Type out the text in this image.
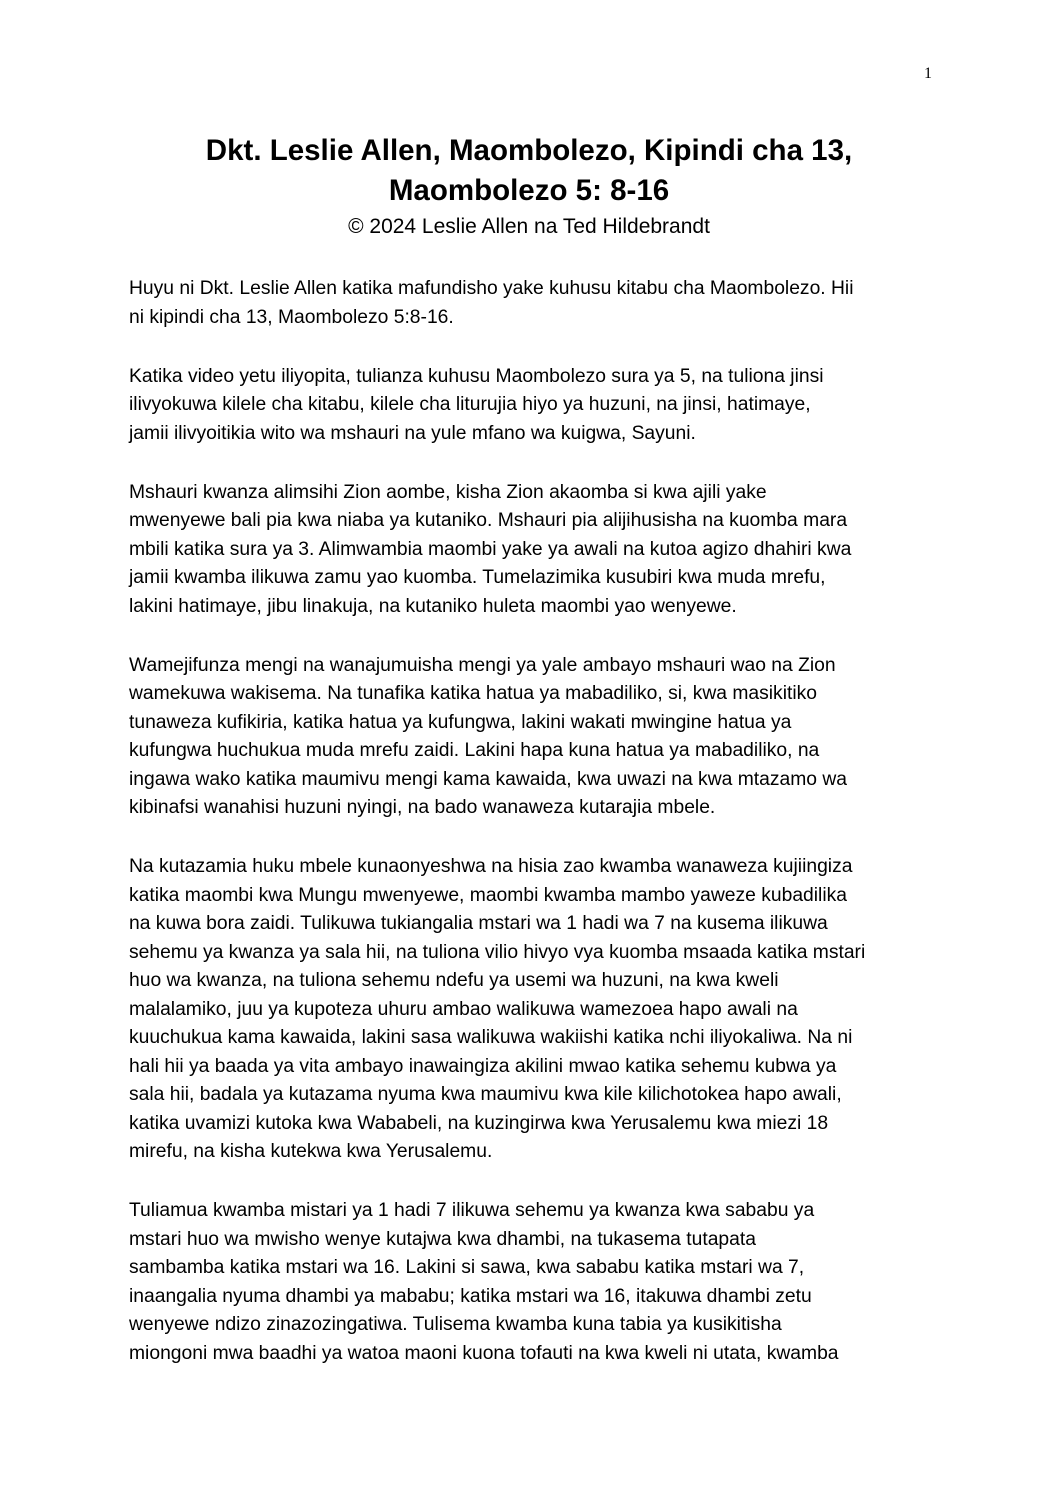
1

Dkt. Leslie Allen, Maombolezo, Kipindi cha 13,
Maombolezo 5: 8-16

© 2024 Leslie Allen na Ted Hildebrandt

Huyu ni Dkt. Leslie Allen katika mafundisho yake kuhusu kitabu cha Maombolezo. Hii
ni kipindi cha 13, Maombolezo 5:8-16.

Katika video yetu iliyopita, tulianza kuhusu Maombolezo sura ya 5, na tuliona jinsi
ilivyokuwa kilele cha kitabu, kilele cha liturujia hiyo ya huzuni, na jinsi, hatimaye,
jamii ilivyoitikia wito wa mshauri na yule mfano wa kuigwa, Sayuni.

Mshauri kwanza alimsihi Zion aombe, kisha Zion akaomba si kwa ajili yake
mwenyewe bali pia kwa niaba ya kutaniko. Mshauri pia alijihusisha na kuomba mara
mbili katika sura ya 3. Alimwambia maombi yake ya awali na kutoa agizo dhahiri kwa
jamii kwamba ilikuwa zamu yao kuomba. Tumelazimika kusubiri kwa muda mrefu,
lakini hatimaye, jibu linakuja, na kutaniko huleta maombi yao wenyewe.

Wamejifunza mengi na wanajumuisha mengi ya yale ambayo mshauri wao na Zion
wamekuwa wakisema. Na tunafika katika hatua ya mabadiliko, si, kwa masikitiko
tunaweza kufikiria, katika hatua ya kufungwa, lakini wakati mwingine hatua ya
kufungwa huchukua muda mrefu zaidi. Lakini hapa kuna hatua ya mabadiliko, na
ingawa wako katika maumivu mengi kama kawaida, kwa uwazi na kwa mtazamo wa
kibinafsi wanahisi huzuni nyingi, na bado wanaweza kutarajia mbele.

Na kutazamia huku mbele kunaonyeshwa na hisia zao kwamba wanaweza kujiingiza
katika maombi kwa Mungu mwenyewe, maombi kwamba mambo yaweze kubadilika
na kuwa bora zaidi. Tulikuwa tukiangalia mstari wa 1 hadi wa 7 na kusema ilikuwa
sehemu ya kwanza ya sala hii, na tuliona vilio hivyo vya kuomba msaada katika mstari
huo wa kwanza, na tuliona sehemu ndefu ya usemi wa huzuni, na kwa kweli
malalamiko, juu ya kupoteza uhuru ambao walikuwa wamezoea hapo awali na
kuuchukua kama kawaida, lakini sasa walikuwa wakiishi katika nchi iliyokaliwa. Na ni
hali hii ya baada ya vita ambayo inawaingiza akilini mwao katika sehemu kubwa ya
sala hii, badala ya kutazama nyuma kwa maumivu kwa kile kilichotokea hapo awali,
katika uvamizi kutoka kwa Wababeli, na kuzingirwa kwa Yerusalemu kwa miezi 18
mirefu, na kisha kutekwa kwa Yerusalemu.

Tuliamua kwamba mistari ya 1 hadi 7 ilikuwa sehemu ya kwanza kwa sababu ya
mstari huo wa mwisho wenye kutajwa kwa dhambi, na tukasema tutapata
sambamba katika mstari wa 16. Lakini si sawa, kwa sababu katika mstari wa 7,
inaangalia nyuma dhambi ya mababu; katika mstari wa 16, itakuwa dhambi zetu
wenyewe ndizo zinazozingatiwa. Tulisema kwamba kuna tabia ya kusikitisha
miongoni mwa baadhi ya watoa maoni kuona tofauti na kwa kweli ni utata, kwamba
